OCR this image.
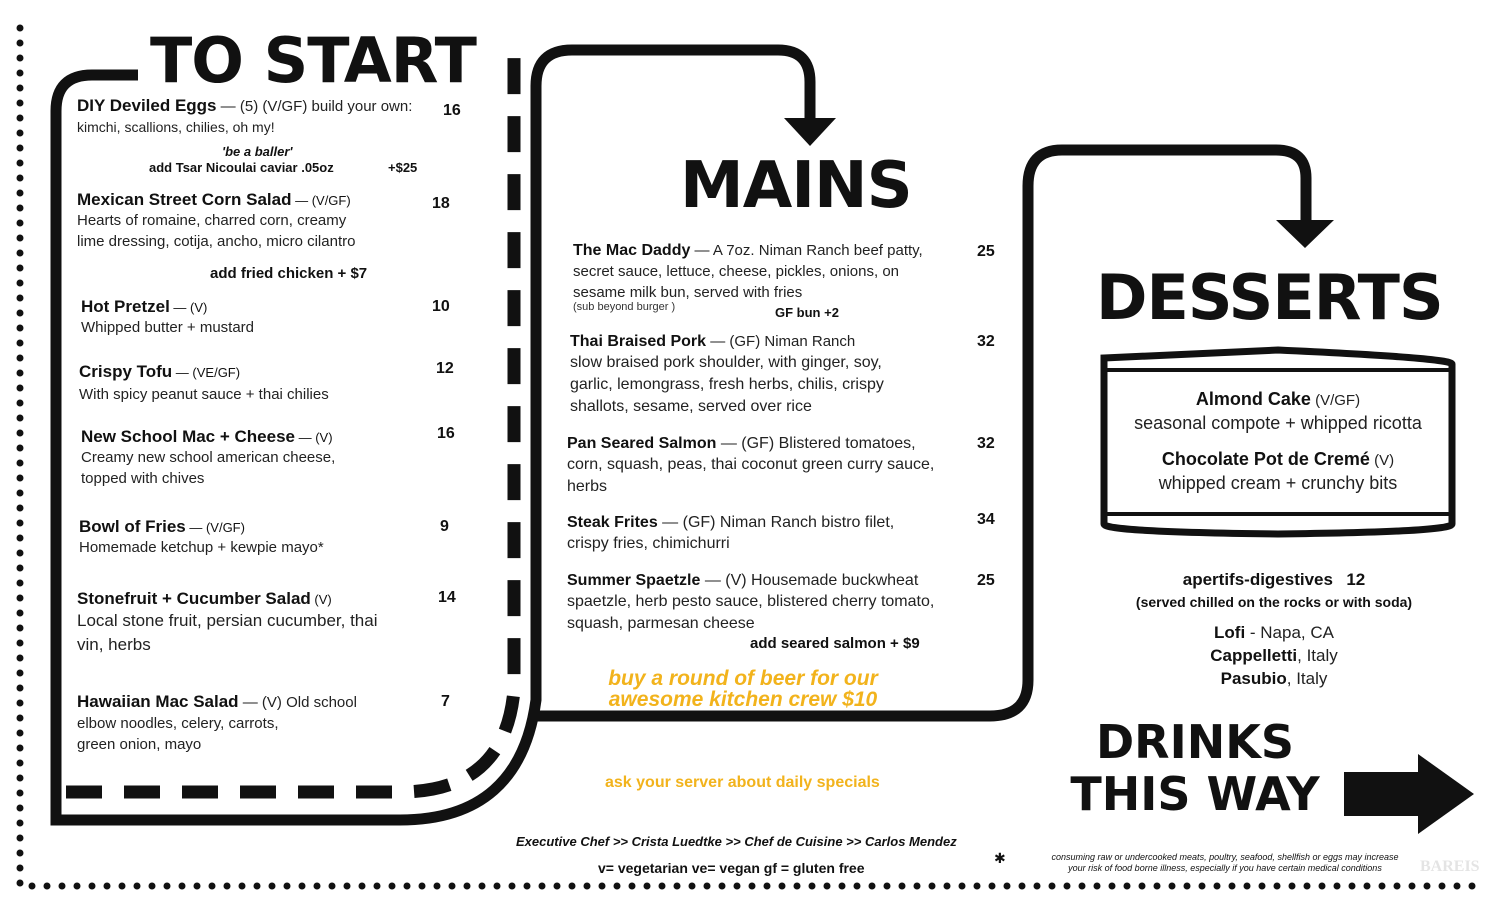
TO START
MAINS
DESSERTS
DIY Deviled Eggs — (5) (V/GF) build your own:
kimchi, scallions, chilies, oh my!
16
'be a baller'
add Tsar Nicoulai caviar .05oz	+$25
Mexican Street Corn Salad — (V/GF)
Hearts of romaine, charred corn, creamy lime dressing, cotija, ancho, micro cilantro
18
add fried chicken + $7
Hot Pretzel — (V)
Whipped butter + mustard
10
Crispy Tofu — (VE/GF)
With spicy peanut sauce + thai chilies
12
New School Mac + Cheese — (V)
Creamy new school american cheese, topped with chives
16
Bowl of Fries — (V/GF)
Homemade ketchup + kewpie mayo*
9
Stonefruit + Cucumber Salad (V)
Local stone fruit, persian cucumber, thai vin, herbs
14
Hawaiian Mac Salad — (V) Old school
elbow noodles, celery, carrots, green onion, mayo
7
The Mac Daddy — A 7oz. Niman Ranch beef patty,
secret sauce, lettuce, cheese, pickles, onions, on sesame milk bun, served with fries
(sub beyond burger )	GF bun +2
25
Thai Braised Pork — (GF) Niman Ranch
slow braised pork shoulder, with ginger, soy, garlic, lemongrass, fresh herbs, chilis, crispy shallots, sesame, served over rice
32
Pan Seared Salmon — (GF) Blistered tomatoes,
corn, squash, peas, thai coconut green curry sauce, herbs
32
Steak Frites — (GF) Niman Ranch bistro filet,
crispy fries, chimichurri
34
Summer Spaetzle — (V) Housemade buckwheat
spaetzle, herb pesto sauce, blistered cherry tomato, squash, parmesan cheese
25
add seared salmon + $9
buy a round of beer for our
awesome kitchen crew $10
ask your server about daily specials
Almond Cake (V/GF)
seasonal compote + whipped ricotta
Chocolate Pot de Cremé (V)
whipped cream + crunchy bits
apertifs-digestives 12
(served chilled on the rocks or with soda)
Lofi - Napa, CA
Cappelletti, Italy
Pasubio, Italy
DRINKS
THIS WAY
Executive Chef >> Crista Luedtke >> Chef de Cuisine >> Carlos Mendez
v= vegetarian ve= vegan gf = gluten free
✱	consuming raw or undercooked meats, poultry, seafood, shellfish or eggs may increase
your risk of food borne illness, especially if you have certain medical conditions	BAREIS
